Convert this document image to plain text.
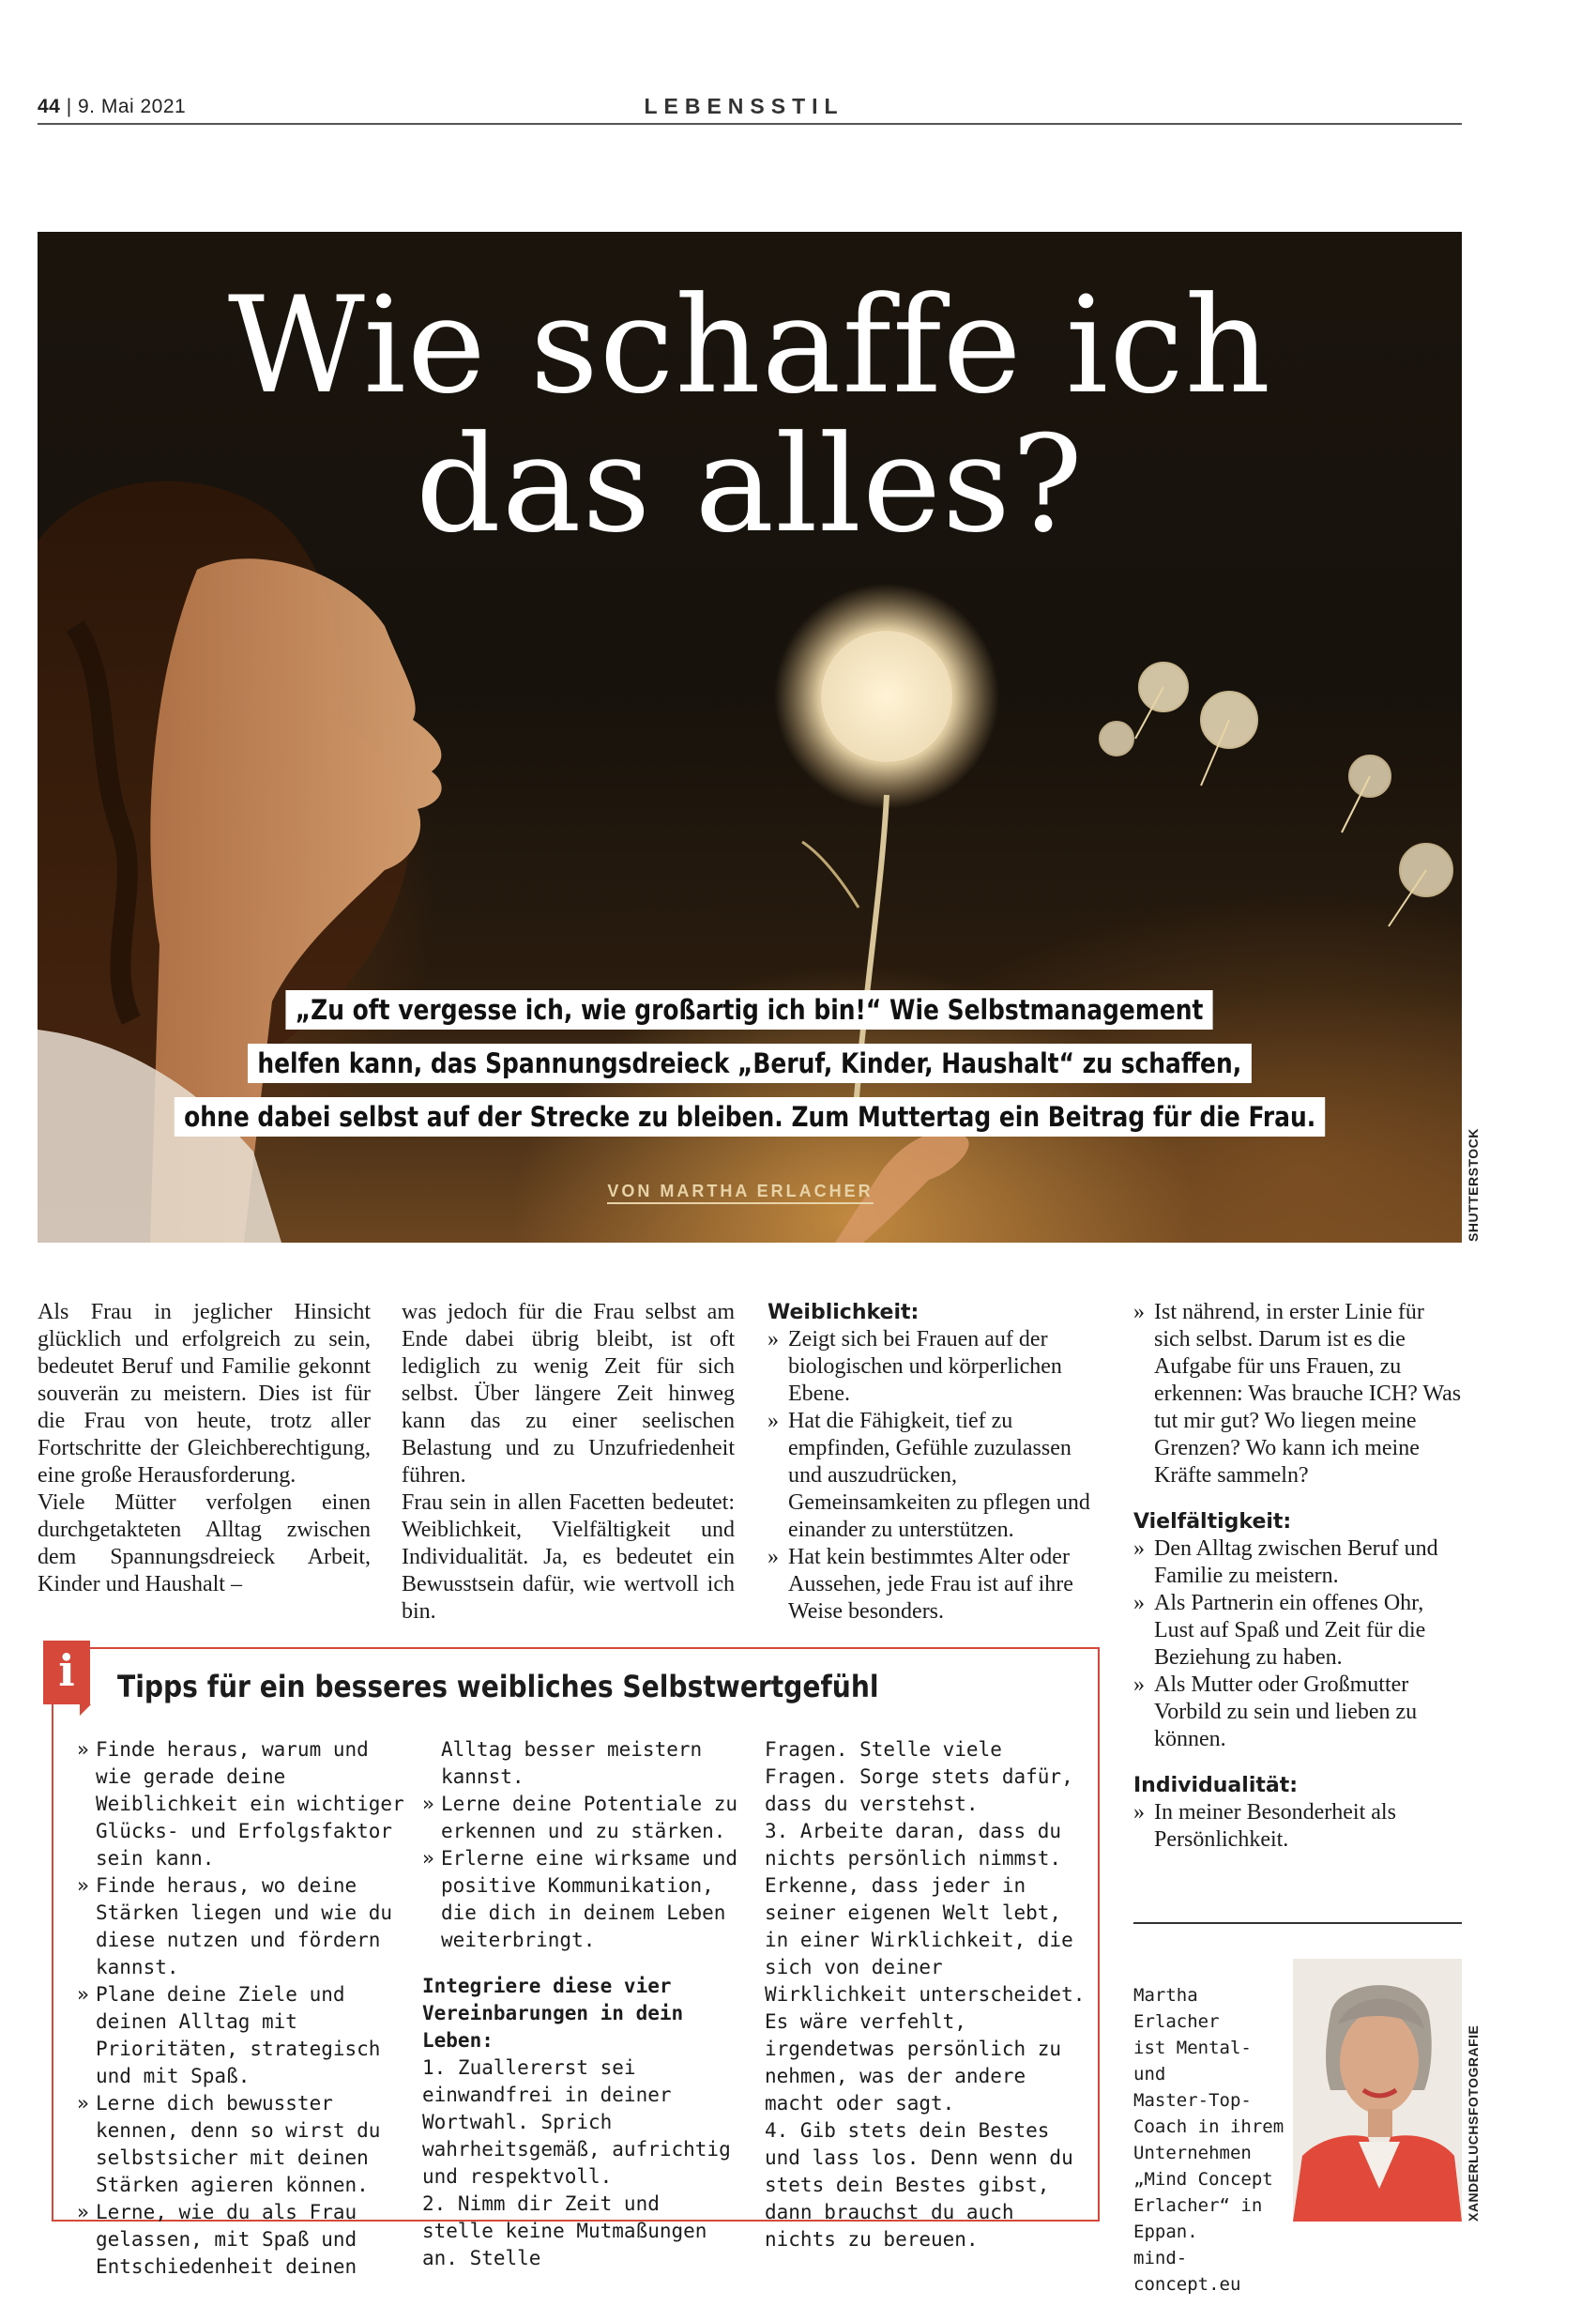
44 | 9. Mai 2021	LEBENSSTIL
Wie schaffe ich
das alles?
„Zu oft vergesse ich, wie großartig ich bin!“ Wie Selbstmanagement
helfen kann, das Spannungsdreieck „Beruf, Kinder, Haushalt“ zu schaffen,
ohne dabei selbst auf der Strecke zu bleiben. Zum Muttertag ein Beitrag für die Frau.
VON MARTHA ERLACHER	SHUTTERSTOCK

Als Frau in jeglicher Hinsicht glücklich und erfolgreich zu sein, bedeutet Beruf und Familie gekonnt souverän zu meistern. Dies ist für die Frau von heute, trotz aller Fortschritte der Gleichberechtigung, eine große Herausforderung.

Viele Mütter verfolgen einen durchgetakteten Alltag zwischen dem Spannungsdreieck Arbeit, Kinder und Haushalt –

was jedoch für die Frau selbst am Ende dabei übrig bleibt, ist oft lediglich zu wenig Zeit für sich selbst. Über längere Zeit hinweg kann das zu einer seelischen Belastung und zu Unzufriedenheit führen.

Frau sein in allen Facetten bedeutet: Weiblichkeit, Vielfältigkeit und Individualität. Ja, es bedeutet ein Bewusstsein dafür, wie wertvoll ich bin.

Weiblichkeit:
» Zeigt sich bei Frauen auf der biologischen und körperlichen Ebene.
» Hat die Fähigkeit, tief zu empfinden, Gefühle zuzulassen und auszudrücken, Gemeinsamkeiten zu pflegen und einander zu unterstützen.
» Hat kein bestimmtes Alter oder Aussehen, jede Frau ist auf ihre Weise besonders.
» Ist nährend, in erster Linie für sich selbst. Darum ist es die Aufgabe für uns Frauen, zu erkennen: Was brauche ICH? Was tut mir gut? Wo liegen meine Grenzen? Wo kann ich meine Kräfte sammeln?
Vielfältigkeit:
» Den Alltag zwischen Beruf und Familie zu meistern.
» Als Partnerin ein offenes Ohr, Lust auf Spaß und Zeit für die Beziehung zu haben.
» Als Mutter oder Großmutter Vorbild zu sein und lieben zu können.
Individualität:
» In meiner Besonderheit als Persönlichkeit.
i	Tipps für ein besseres weibliches Selbstwertgefühl
» Finde heraus, warum und wie gerade deine Weiblichkeit ein wichtiger Glücks- und Erfolgsfaktor sein kann.
» Finde heraus, wo deine Stärken liegen und wie du diese nutzen und fördern kannst.
» Plane deine Ziele und deinen Alltag mit Prioritäten, strategisch und mit Spaß.
» Lerne dich bewusster kennen, denn so wirst du selbstsicher mit deinen Stärken agieren können.
» Lerne, wie du als Frau gelassen, mit Spaß und Entschiedenheit deinen

Alltag besser meistern kannst.

» Lerne deine Potentiale zu erkennen und zu stärken.
» Erlerne eine wirksame und positive Kommunikation, die dich in deinem Leben weiterbringt.

Integriere diese vier Vereinbarungen in dein Leben:

1. Zuallererst sei einwandfrei in deiner Wortwahl. Sprich wahrheitsgemäß, aufrichtig und respektvoll.

2. Nimm dir Zeit und stelle keine Mutmaßungen an. Stelle

Fragen. Stelle viele Fragen. Sorge stets dafür, dass du verstehst.

3. Arbeite daran, dass du nichts persönlich nimmst. Erkenne, dass jeder in seiner eigenen Welt lebt, in einer Wirklichkeit, die sich von deiner Wirklichkeit unterscheidet. Es wäre verfehlt, irgendetwas persönlich zu nehmen, was der andere macht oder sagt.

4. Gib stets dein Bestes und lass los. Denn wenn du stets dein Bestes gibst, dann brauchst du auch nichts zu bereuen.

Martha Erlacher

ist Mental- und

Master-Top-

Coach in ihrem

Unternehmen

„Mind Concept

Erlacher“ in

Eppan.

mind-concept.eu

XANDERLUCHSFOTOGRAFIE
